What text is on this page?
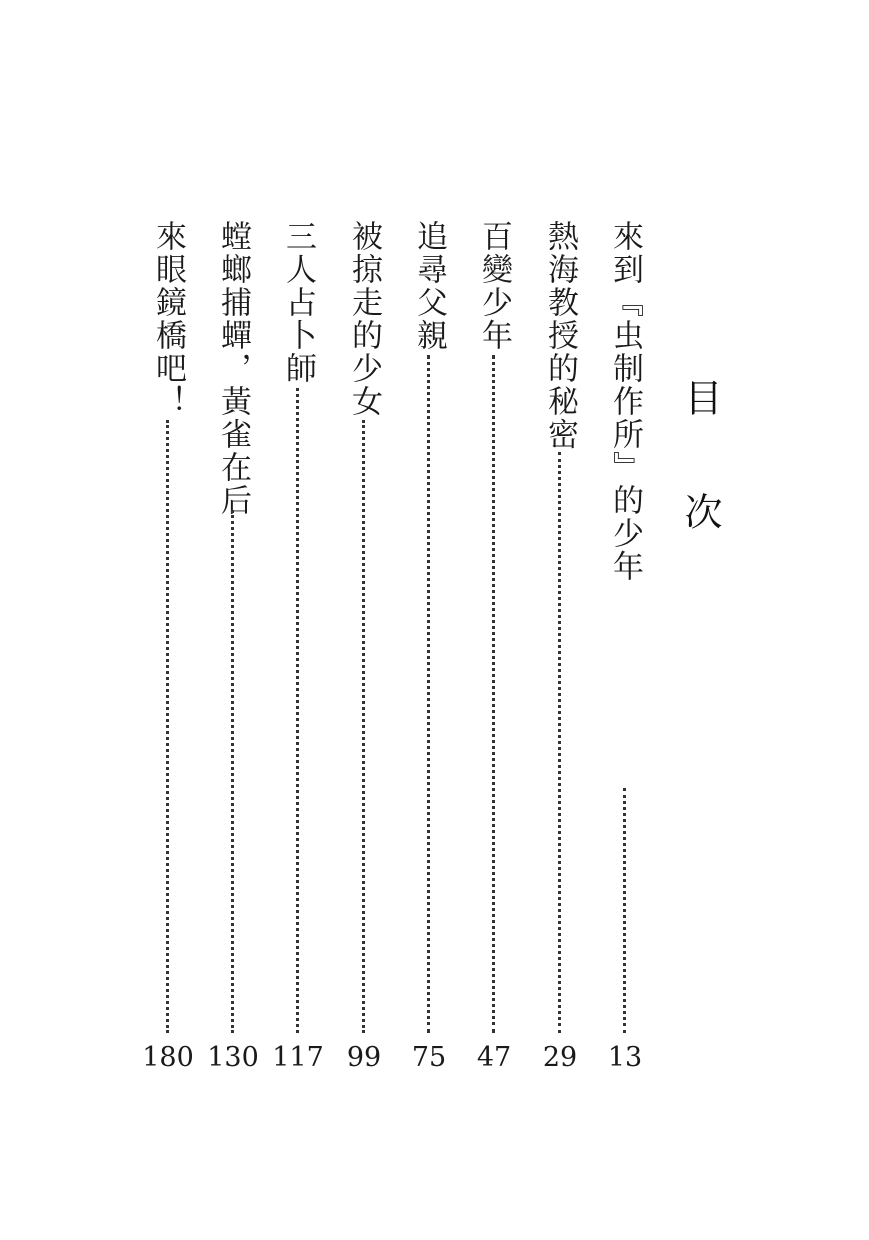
目次
來到『虫制作所』的少年
13
熱海教授的秘密
29
百變少年
47
追尋父親
75
被掠走的少女
99
三人占卜師
117
螳螂捕蟬，黃雀在后
130
來眼鏡橋吧！
180
